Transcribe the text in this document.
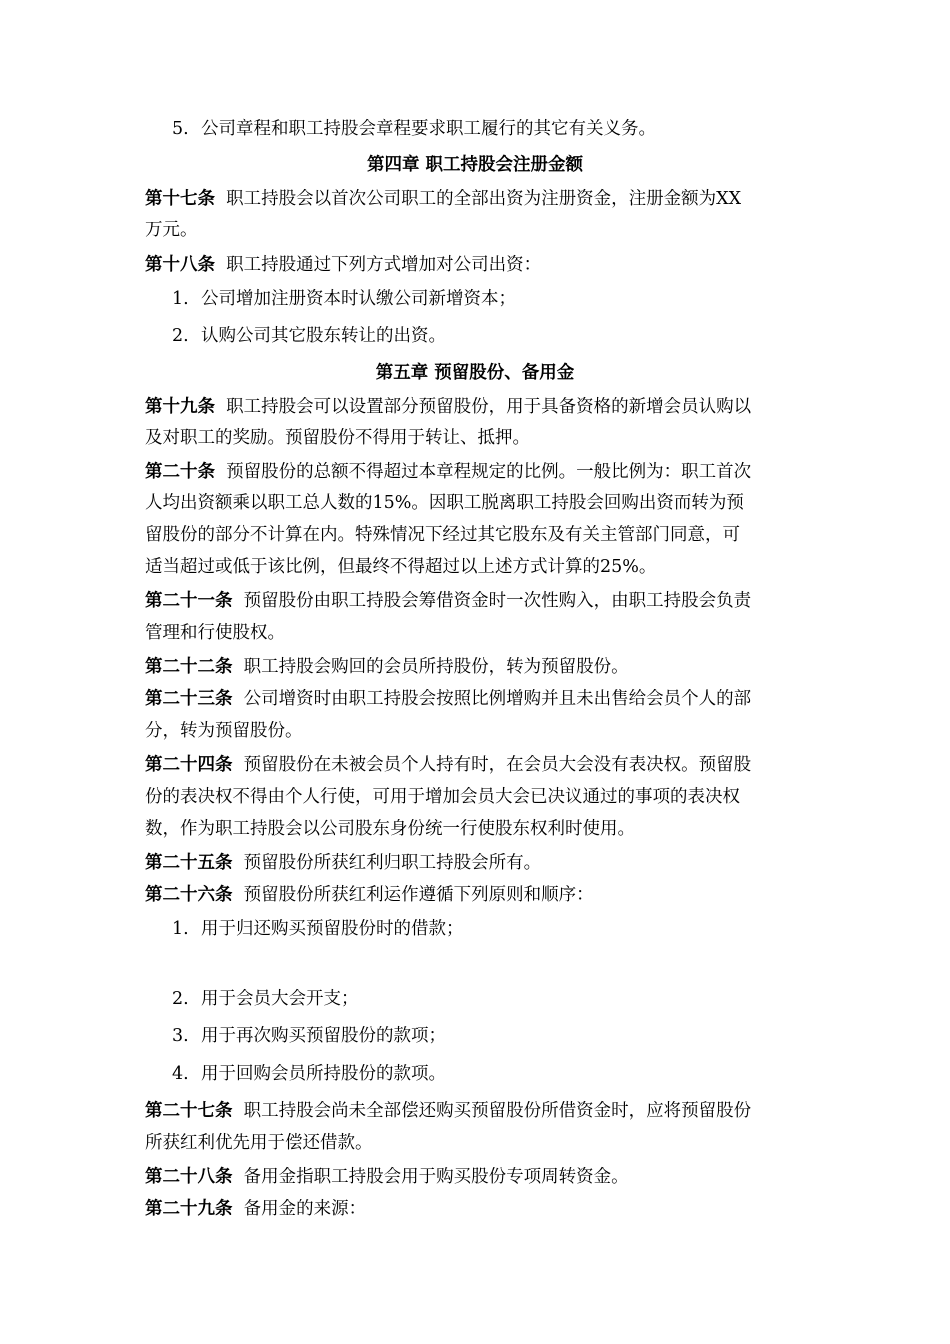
5. 公司章程和职工持股会章程要求职工履行的其它有关义务。
第四章 职工持股会注册金额
第十七条 职工持股会以首次公司职工的全部出资为注册资金，注册金额为XX
万元。
第十八条 职工持股通过下列方式增加对公司出资：
1. 公司增加注册资本时认缴公司新增资本；
2. 认购公司其它股东转让的出资。
第五章 预留股份、备用金
第十九条 职工持股会可以设置部分预留股份，用于具备资格的新增会员认购以
及对职工的奖励。预留股份不得用于转让、抵押。
第二十条 预留股份的总额不得超过本章程规定的比例。一般比例为：职工首次
人均出资额乘以职工总人数的15%。因职工脱离职工持股会回购出资而转为预
留股份的部分不计算在内。特殊情况下经过其它股东及有关主管部门同意，可
适当超过或低于该比例，但最终不得超过以上述方式计算的25%。
第二十一条 预留股份由职工持股会筹借资金时一次性购入，由职工持股会负责
管理和行使股权。
第二十二条 职工持股会购回的会员所持股份，转为预留股份。
第二十三条 公司增资时由职工持股会按照比例增购并且未出售给会员个人的部
分，转为预留股份。
第二十四条 预留股份在未被会员个人持有时，在会员大会没有表决权。预留股
份的表决权不得由个人行使，可用于增加会员大会已决议通过的事项的表决权
数，作为职工持股会以公司股东身份统一行使股东权利时使用。
第二十五条 预留股份所获红利归职工持股会所有。
第二十六条 预留股份所获红利运作遵循下列原则和顺序：
1. 用于归还购买预留股份时的借款；
2. 用于会员大会开支；
3. 用于再次购买预留股份的款项；
4. 用于回购会员所持股份的款项。
第二十七条 职工持股会尚未全部偿还购买预留股份所借资金时，应将预留股份
所获红利优先用于偿还借款。
第二十八条 备用金指职工持股会用于购买股份专项周转资金。
第二十九条 备用金的来源：
